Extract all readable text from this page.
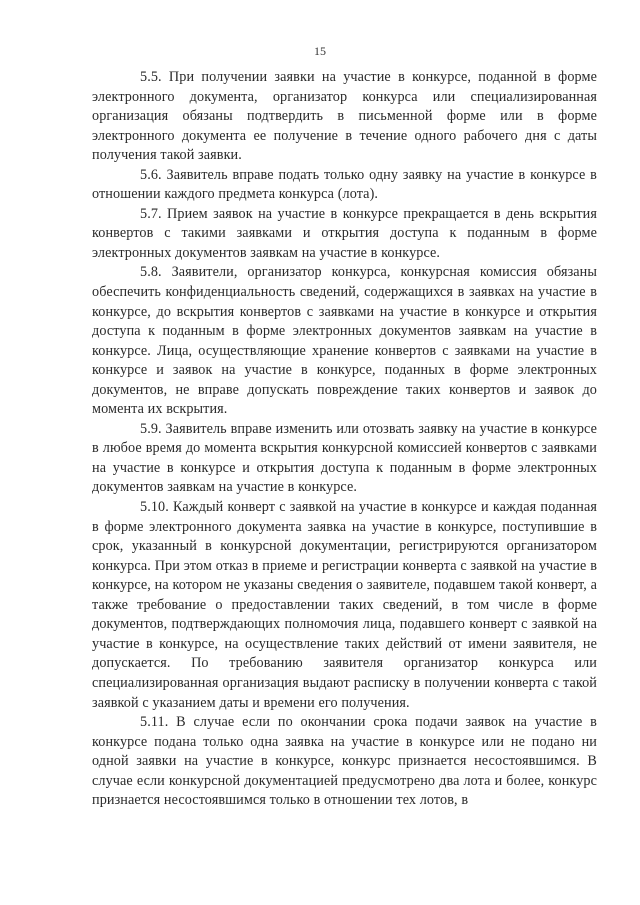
15

5.5. При получении заявки на участие в конкурсе, поданной в форме электронного документа, организатор конкурса или специализированная организация обязаны подтвердить в письменной форме или в форме электронного документа ее получение в течение одного рабочего дня с даты получения такой заявки.

5.6. Заявитель вправе подать только одну заявку на участие в конкурсе в отношении каждого предмета конкурса (лота).

5.7. Прием заявок на участие в конкурсе прекращается в день вскрытия конвертов с такими заявками и открытия доступа к поданным в форме электронных документов заявкам на участие в конкурсе.

5.8. Заявители, организатор конкурса, конкурсная комиссия обязаны обеспечить конфиденциальность сведений, содержащихся в заявках на участие в конкурсе, до вскрытия конвертов с заявками на участие в конкурсе и открытия доступа к поданным в форме электронных документов заявкам на участие в конкурсе. Лица, осуществляющие хранение конвертов с заявками на участие в конкурсе и заявок на участие в конкурсе, поданных в форме электронных документов, не вправе допускать повреждение таких конвертов и заявок до момента их вскрытия.

5.9. Заявитель вправе изменить или отозвать заявку на участие в конкурсе в любое время до момента вскрытия конкурсной комиссией конвертов с заявками на участие в конкурсе и открытия доступа к поданным в форме электронных документов заявкам на участие в конкурсе.

5.10. Каждый конверт с заявкой на участие в конкурсе и каждая поданная в форме электронного документа заявка на участие в конкурсе, поступившие в срок, указанный в конкурсной документации, регистрируются организатором конкурса. При этом отказ в приеме и регистрации конверта с заявкой на участие в конкурсе, на котором не указаны сведения о заявителе, подавшем такой конверт, а также требование о предоставлении таких сведений, в том числе в форме документов, подтверждающих полномочия лица, подавшего конверт с заявкой на участие в конкурсе, на осуществление таких действий от имени заявителя, не допускается. По требованию заявителя организатор конкурса или специализированная организация выдают расписку в получении конверта с такой заявкой с указанием даты и времени его получения.

5.11. В случае если по окончании срока подачи заявок на участие в конкурсе подана только одна заявка на участие в конкурсе или не подано ни одной заявки на участие в конкурсе, конкурс признается несостоявшимся. В случае если конкурсной документацией предусмотрено два лота и более, конкурс признается несостоявшимся только в отношении тех лотов, в
